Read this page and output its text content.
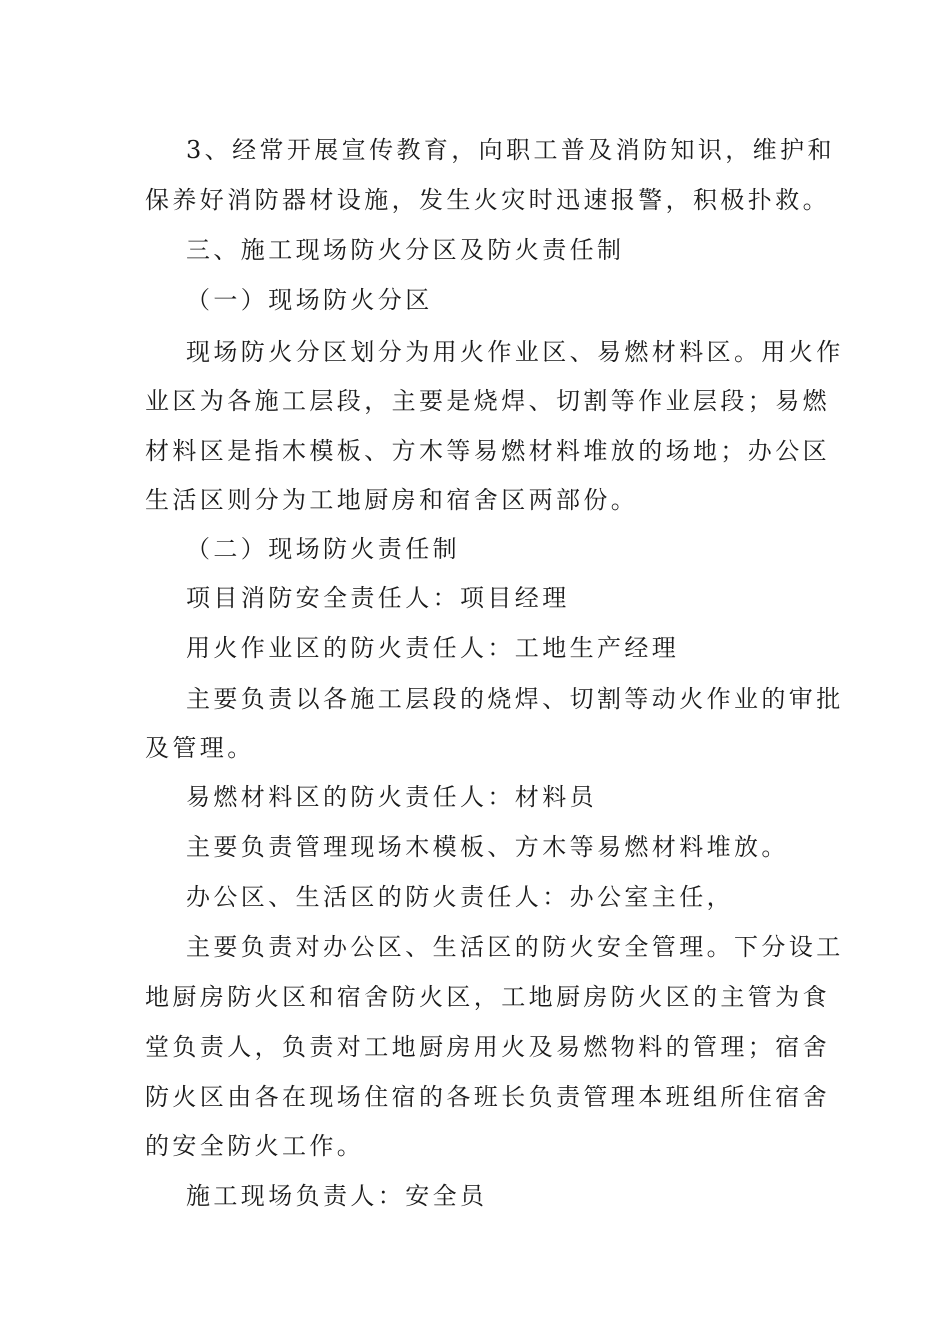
3、经常开展宣传教育，向职工普及消防知识，维护和
保养好消防器材设施，发生火灾时迅速报警，积极扑救。
三、施工现场防火分区及防火责任制
（一）现场防火分区
现场防火分区划分为用火作业区、易燃材料区。用火作
业区为各施工层段，主要是烧焊、切割等作业层段；易燃
材料区是指木模板、方木等易燃材料堆放的场地；办公区
生活区则分为工地厨房和宿舍区两部份。
（二）现场防火责任制
项目消防安全责任人：项目经理
用火作业区的防火责任人：工地生产经理
主要负责以各施工层段的烧焊、切割等动火作业的审批
及管理。
易燃材料区的防火责任人：材料员
主要负责管理现场木模板、方木等易燃材料堆放。
办公区、生活区的防火责任人：办公室主任，
主要负责对办公区、生活区的防火安全管理。下分设工
地厨房防火区和宿舍防火区，工地厨房防火区的主管为食
堂负责人，负责对工地厨房用火及易燃物料的管理；宿舍
防火区由各在现场住宿的各班长负责管理本班组所住宿舍
的安全防火工作。
施工现场负责人：安全员
